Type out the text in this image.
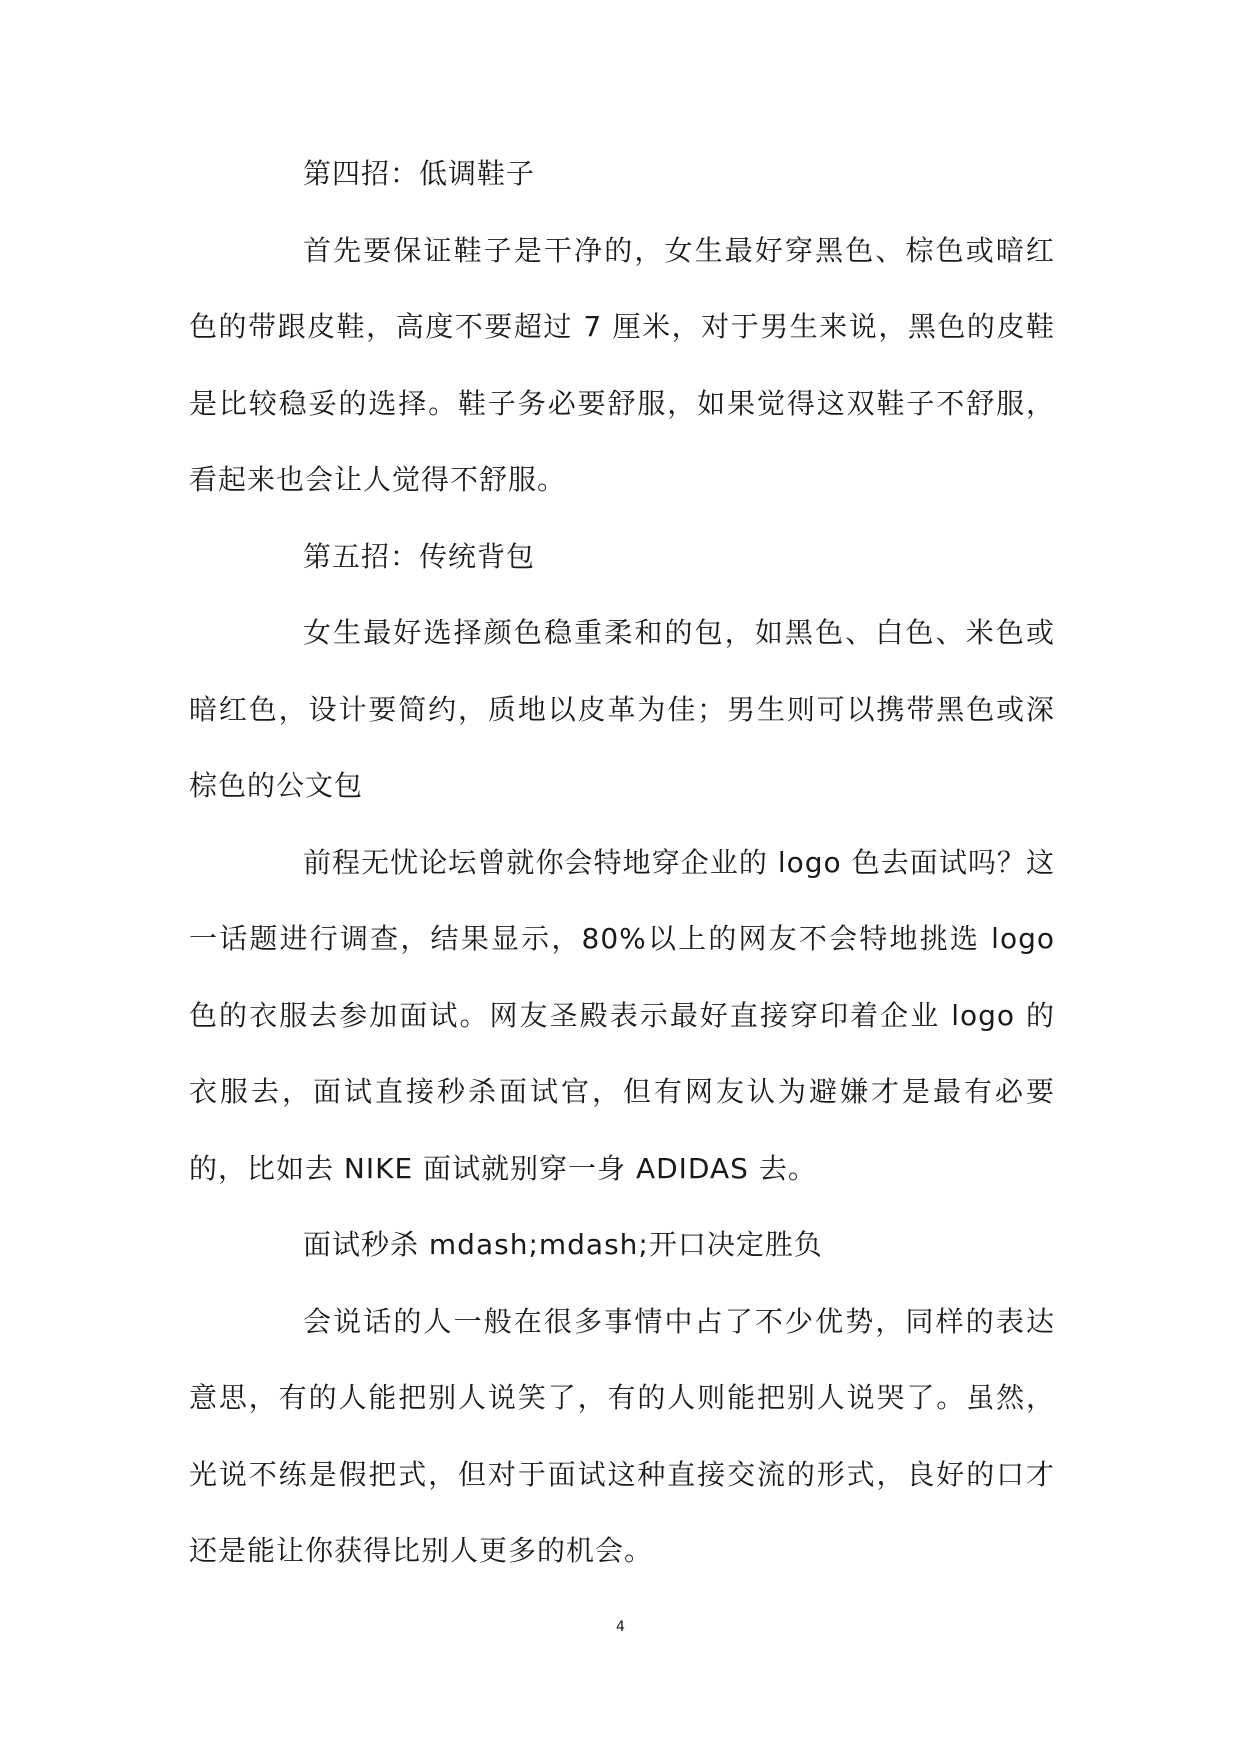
第四招：低调鞋子

首先要保证鞋子是干净的，女生最好穿黑色、棕色或暗红色的带跟皮鞋，高度不要超过 7 厘米，对于男生来说，黑色的皮鞋是比较稳妥的选择。鞋子务必要舒服，如果觉得这双鞋子不舒服，看起来也会让人觉得不舒服。

第五招：传统背包

女生最好选择颜色稳重柔和的包，如黑色、白色、米色或暗红色，设计要简约，质地以皮革为佳；男生则可以携带黑色或深棕色的公文包

前程无忧论坛曾就你会特地穿企业的 logo 色去面试吗？这一话题进行调查，结果显示，80%以上的网友不会特地挑选 logo 色的衣服去参加面试。网友圣殿表示最好直接穿印着企业 logo 的衣服去，面试直接秒杀面试官，但有网友认为避嫌才是最有必要的，比如去 NIKE 面试就别穿一身 ADIDAS 去。

面试秒杀 mdash;mdash;开口决定胜负

会说话的人一般在很多事情中占了不少优势，同样的表达意思，有的人能把别人说笑了，有的人则能把别人说哭了。虽然，光说不练是假把式，但对于面试这种直接交流的形式，良好的口才还是能让你获得比别人更多的机会。

4
